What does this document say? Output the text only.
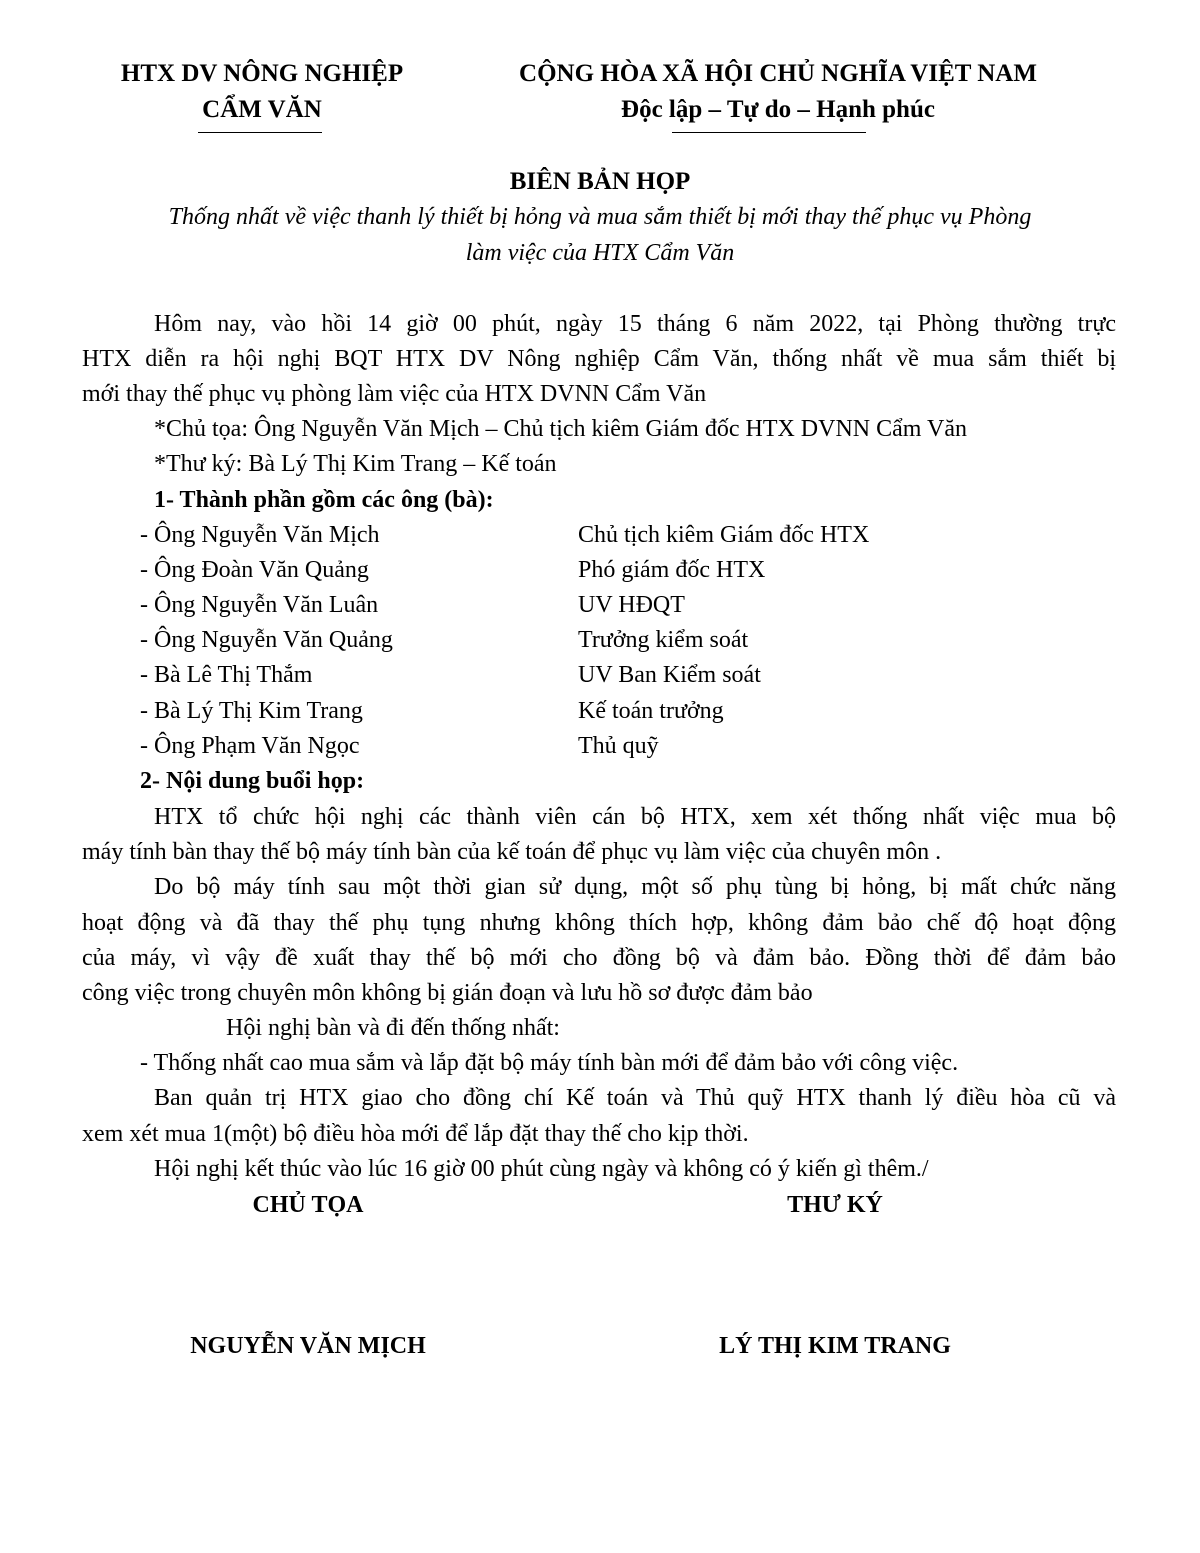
HTX DV NÔNG NGHIỆP
CẨM VĂN
CỘNG HÒA XÃ HỘI CHỦ NGHĨA VIỆT NAM
Độc lập – Tự do – Hạnh phúc
BIÊN BẢN HỌP
Thống nhất về việc thanh lý thiết bị hỏng và mua sắm thiết bị mới thay thế phục vụ Phòng
làm việc của HTX Cẩm Văn
Hôm nay, vào hồi 14 giờ 00 phút, ngày 15 tháng 6 năm 2022, tại Phòng thường trực
HTX diễn ra hội nghị BQT HTX DV Nông nghiệp Cẩm Văn, thống nhất về mua sắm thiết bị
mới thay thế phục vụ phòng làm việc của HTX DVNN Cẩm Văn
*Chủ tọa: Ông Nguyễn Văn Mịch – Chủ tịch kiêm Giám đốc HTX DVNN Cẩm Văn
*Thư ký: Bà Lý Thị Kim Trang – Kế toán
1- Thành phần gồm các ông (bà):
- Ông Nguyễn Văn Mịch	Chủ tịch kiêm Giám đốc HTX
- Ông Đoàn Văn Quảng	Phó giám đốc HTX
- Ông Nguyễn Văn Luân	UV HĐQT
- Ông Nguyễn Văn Quảng	Trưởng kiểm soát
- Bà Lê Thị Thắm	UV Ban Kiểm soát
- Bà Lý Thị Kim Trang	Kế toán trưởng
- Ông Phạm Văn Ngọc	Thủ quỹ
2- Nội dung buổi họp:
HTX tổ chức hội nghị các thành viên cán bộ HTX, xem xét thống nhất việc mua bộ
máy tính bàn thay thế bộ máy tính bàn của kế toán để phục vụ làm việc của chuyên môn .
Do bộ máy tính sau một thời gian sử dụng, một số phụ tùng bị hỏng, bị mất chức năng
hoạt động và đã thay thế phụ tụng nhưng không thích hợp, không đảm bảo chế độ hoạt động
của máy, vì vậy đề xuất thay thế bộ mới cho đồng bộ và đảm bảo. Đồng thời để đảm bảo
công việc trong chuyên môn không bị gián đoạn và lưu hồ sơ được đảm bảo
Hội nghị bàn và đi đến thống nhất:
- Thống nhất cao mua sắm và lắp đặt bộ máy tính bàn mới để đảm bảo với công việc.
Ban quản trị HTX giao cho đồng chí Kế toán và Thủ quỹ HTX thanh lý điều hòa cũ và
xem xét mua 1(một) bộ điều hòa mới để lắp đặt thay thế cho kịp thời.
Hội nghị kết thúc vào lúc 16 giờ 00 phút cùng ngày và không có ý kiến gì thêm./
CHỦ TỌA	THƯ KÝ
NGUYỄN VĂN MỊCH	LÝ THỊ KIM TRANG
